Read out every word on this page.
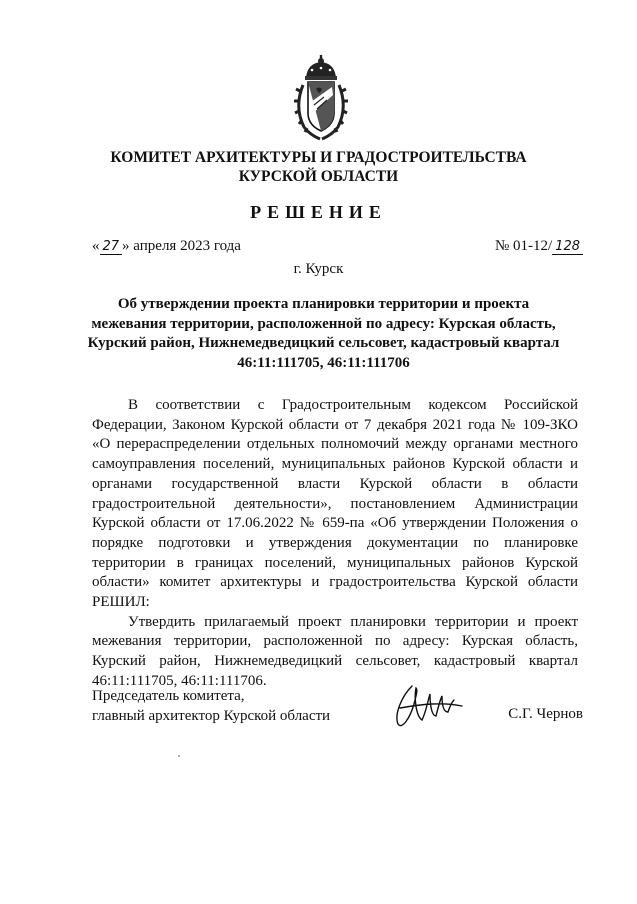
КОМИТЕТ АРХИТЕКТУРЫ И ГРАДОСТРОИТЕЛЬСТВА
КУРСКОЙ ОБЛАСТИ
РЕШЕНИЕ
« 27 » апреля 2023 года	№ 01-12/ 128
г. Курск
Об утверждении проекта планировки территории и проекта
межевания территории, расположенной по адресу: Курская область,
Курский район, Нижнемедведицкий сельсовет, кадастровый квартал
46:11:111705, 46:11:111706

В соответствии с Градостроительным кодексом Российской Федерации, Законом Курской области от 7 декабря 2021 года № 109-ЗКО «О перераспределении отдельных полномочий между органами местного самоуправления поселений, муниципальных районов Курской области и органами государственной власти Курской области в области градостроительной деятельности», постановлением Администрации Курской области от 17.06.2022 № 659-па «Об утверждении Положения о порядке подготовки и утверждения документации по планировке территории в границах поселений, муниципальных районов Курской области» комитет архитектуры и градостроительства Курской области РЕШИЛ:

Утвердить прилагаемый проект планировки территории и проект межевания территории, расположенной по адресу: Курская область, Курский район, Нижнемедведицкий сельсовет, кадастровый квартал 46:11:111705, 46:11:111706.

Председатель комитета,
главный архитектор Курской области	С.Г. Чернов
